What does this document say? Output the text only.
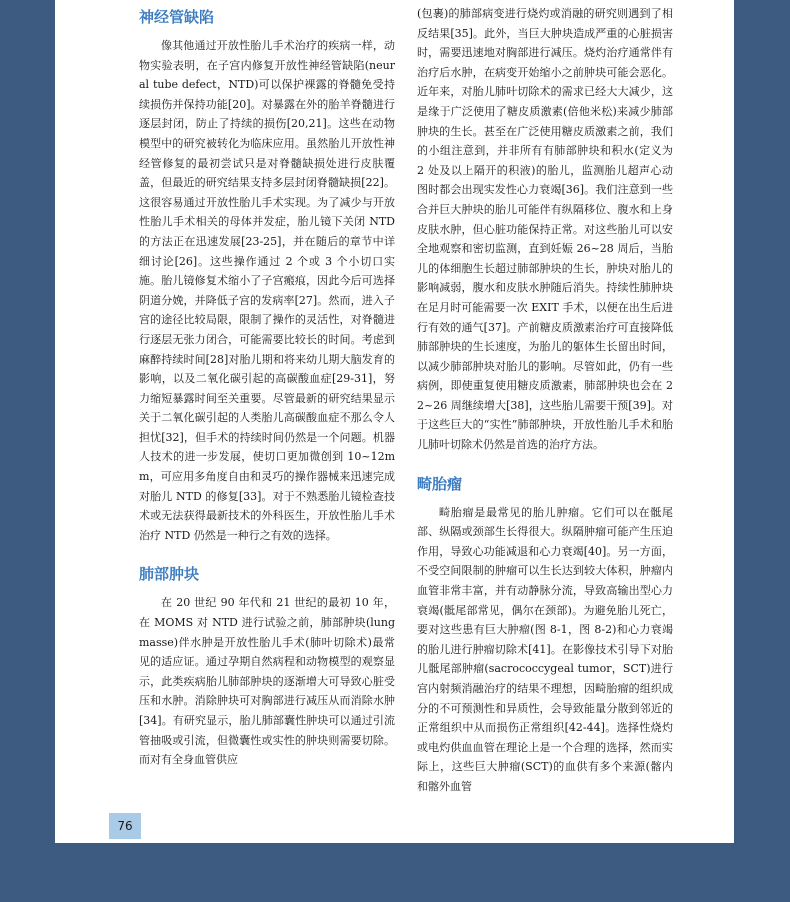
神经管缺陷

像其他通过开放性胎儿手术治疗的疾病一样，动物实验表明，在子宫内修复开放性神经管缺陷(neural tube defect，NTD)可以保护裸露的脊髓免受持续损伤并保持功能[20]。对暴露在外的胎羊脊髓进行逐层封闭，防止了持续的损伤[20,21]。这些在动物模型中的研究被转化为临床应用。虽然胎儿开放性神经管修复的最初尝试只是对脊髓缺损处进行皮肤覆盖，但最近的研究结果支持多层封闭脊髓缺损[22]。这很容易通过开放性胎儿手术实现。为了减少与开放性胎儿手术相关的母体并发症，胎儿镜下关闭 NTD 的方法正在迅速发展[23-25]，并在随后的章节中详细讨论[26]。这些操作通过 2 个或 3 个小切口实施。胎儿镜修复术缩小了子宫瘢痕，因此今后可选择阴道分娩，并降低子宫的发病率[27]。然而，进入子宫的途径比较局限，限制了操作的灵活性，对脊髓进行逐层无张力闭合，可能需要比较长的时间。考虑到麻醉持续时间[28]对胎儿期和将来幼儿期大脑发育的影响，以及二氧化碳引起的高碳酸血症[29-31]，努力缩短暴露时间至关重要。尽管最新的研究结果显示关于二氧化碳引起的人类胎儿高碳酸血症不那么令人担忧[32]，但手术的持续时间仍然是一个问题。机器人技术的进一步发展，使切口更加微创到 10~12mm，可应用多角度自由和灵巧的操作器械来迅速完成对胎儿 NTD 的修复[33]。对于不熟悉胎儿镜检查技术或无法获得最新技术的外科医生，开放性胎儿手术治疗 NTD 仍然是一种行之有效的选择。

肺部肿块

在 20 世纪 90 年代和 21 世纪的最初 10 年，在 MOMS 对 NTD 进行试验之前，肺部肿块(lung masse)伴水肿是开放性胎儿手术(肺叶切除术)最常见的适应证。通过孕期自然病程和动物模型的观察显示，此类疾病胎儿肺部肿块的逐渐增大可导致心脏受压和水肿。消除肿块可对胸部进行减压从而消除水肿[34]。有研究显示，胎儿肺部囊性肿块可以通过引流管抽吸或引流，但微囊性或实性的肿块则需要切除。而对有全身血管供应

(包裹)的肺部病变进行烧灼或消融的研究则遇到了相反结果[35]。此外，当巨大肿块造成严重的心脏损害时，需要迅速地对胸部进行减压。烧灼治疗通常伴有治疗后水肿，在病变开始缩小之前肿块可能会恶化。近年来，对胎儿肺叶切除术的需求已经大大减少，这是缘于广泛使用了糖皮质激素(倍他米松)来减少肺部肿块的生长。甚至在广泛使用糖皮质激素之前，我们的小组注意到，并非所有有肺部肿块和积水(定义为 2 处及以上隔开的积液)的胎儿，监测胎儿超声心动图时都会出现实发性心力衰竭[36]。我们注意到一些合并巨大肿块的胎儿可能伴有纵隔移位、腹水和上身皮肤水肿，但心脏功能保持正常。对这些胎儿可以安全地观察和密切监测，直到妊娠 26~28 周后，当胎儿的体细胞生长超过肺部肿块的生长，肿块对胎儿的影响减弱，腹水和皮肤水肿随后消失。持续性肺肿块在足月时可能需要一次 EXIT 手术，以便在出生后进行有效的通气[37]。产前糖皮质激素治疗可直接降低肺部肿块的生长速度，为胎儿的躯体生长留出时间，以减少肺部肿块对胎儿的影响。尽管如此，仍有一些病例，即使重复使用糖皮质激素，肺部肿块也会在 22~26 周继续增大[38]，这些胎儿需要干预[39]。对于这些巨大的“实性”肺部肿块，开放性胎儿手术和胎儿肺叶切除术仍然是首选的治疗方法。

畸胎瘤

畸胎瘤是最常见的胎儿肿瘤。它们可以在骶尾部、纵隔或颈部生长得很大。纵隔肿瘤可能产生压迫作用，导致心功能减退和心力衰竭[40]。另一方面，不受空间限制的肿瘤可以生长达到较大体积，肿瘤内血管非常丰富，并有动静脉分流，导致高输出型心力衰竭(骶尾部常见，偶尔在颈部)。为避免胎儿死亡，要对这些患有巨大肿瘤(图 8-1，图 8-2)和心力衰竭的胎儿进行肿瘤切除术[41]。在影像技术引导下对胎儿骶尾部肿瘤(sacrococcygeal tumor，SCT)进行宫内射频消融治疗的结果不理想，因畸胎瘤的组织成分的不可预测性和异质性，会导致能量分散到邻近的正常组织中从而损伤正常组织[42-44]。选择性烧灼或电灼供血血管在理论上是一个合理的选择，然而实际上，这些巨大肿瘤(SCT)的血供有多个来源(髂内和髂外血管

76
